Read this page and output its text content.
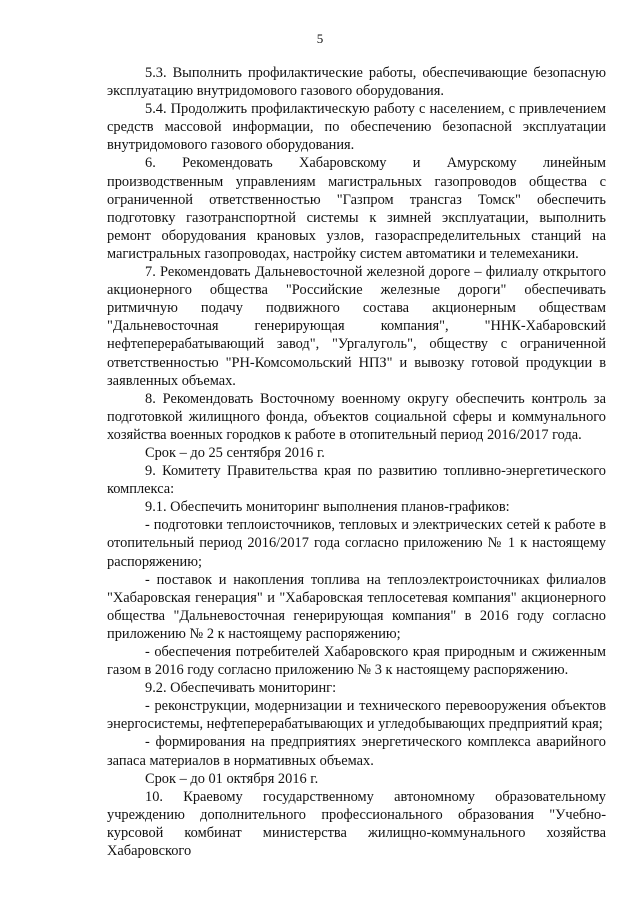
5

5.3. Выполнить профилактические работы, обеспечивающие безопасную эксплуатацию внутридомового газового оборудования.

5.4. Продолжить профилактическую работу с населением, с привлечением средств массовой информации, по обеспечению безопасной эксплуатации внутридомового газового оборудования.

6. Рекомендовать Хабаровскому и Амурскому линейным производственным управлениям магистральных газопроводов общества с ограниченной ответственностью "Газпром трансгаз Томск" обеспечить подготовку газотранспортной системы к зимней эксплуатации, выполнить ремонт оборудования крановых узлов, газораспределительных станций на магистральных газопроводах, настройку систем автоматики и телемеханики.

7. Рекомендовать Дальневосточной железной дороге – филиалу открытого акционерного общества "Российские железные дороги" обеспечивать ритмичную подачу подвижного состава акционерным обществам "Дальневосточная генерирующая компания", "ННК-Хабаровский нефтеперерабатывающий завод", "Ургалуголь", обществу с ограниченной ответственностью "РН-Комсомольский НПЗ" и вывозку готовой продукции в заявленных объемах.

8. Рекомендовать Восточному военному округу обеспечить контроль за подготовкой жилищного фонда, объектов социальной сферы и коммунального хозяйства военных городков к работе в отопительный период 2016/2017 года.

Срок – до 25 сентября 2016 г.

9. Комитету Правительства края по развитию топливно-энергетического комплекса:

9.1. Обеспечить мониторинг выполнения планов-графиков:

- подготовки теплоисточников, тепловых и электрических сетей к работе в отопительный период 2016/2017 года согласно приложению № 1 к настоящему распоряжению;

- поставок и накопления топлива на теплоэлектроисточниках филиалов "Хабаровская генерация" и "Хабаровская теплосетевая компания" акционерного общества "Дальневосточная генерирующая компания" в 2016 году согласно приложению № 2 к настоящему распоряжению;

- обеспечения потребителей Хабаровского края природным и сжиженным газом в 2016 году согласно приложению № 3 к настоящему распоряжению.

9.2. Обеспечивать мониторинг:

- реконструкции, модернизации и технического перевооружения объектов энергосистемы, нефтеперерабатывающих и угледобывающих предприятий края;

- формирования на предприятиях энергетического комплекса аварийного запаса материалов в нормативных объемах.

Срок – до 01 октября 2016 г.

10. Краевому государственному автономному образовательному учреждению дополнительного профессионального образования "Учебно-курсовой комбинат министерства жилищно-коммунального хозяйства Хабаровского
